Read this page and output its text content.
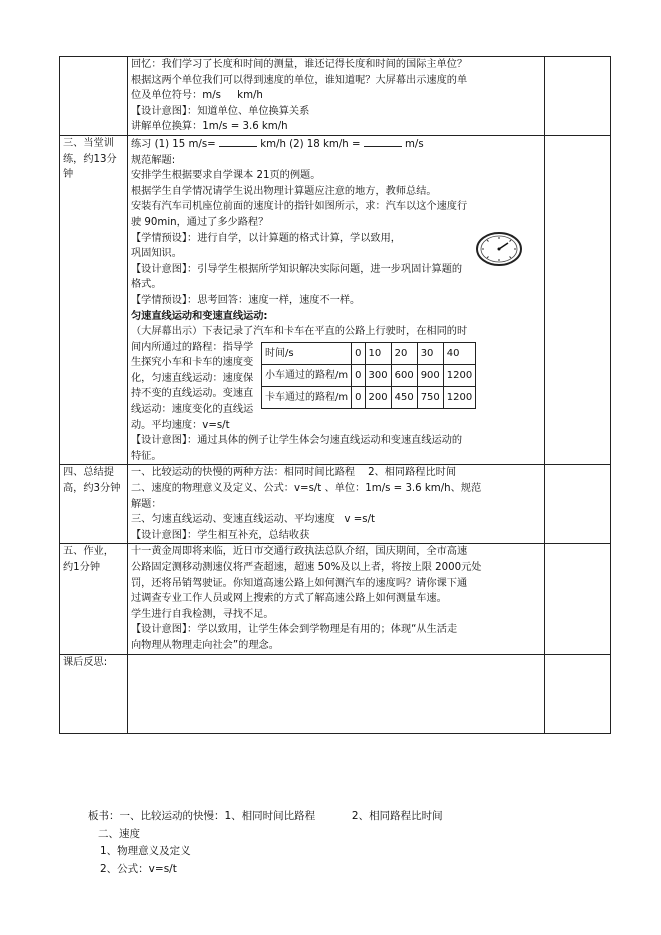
回忆：我们学习了长度和时间的测量，谁还记得长度和时间的国际主单位？
根据这两个单位我们可以得到速度的单位，谁知道呢？大屏幕出示速度的单
位及单位符号：m/s     km/h
【设计意图】：知道单位、单位换算关系
讲解单位换算：1m/s = 3.6 km/h

三、当堂训练，约13分钟	
练习 (1) 15 m/s=	km/h (2) 18 km/h =	m/s
规范解题:
安排学生根据要求自学课本 21页的例题。
根据学生自学情况请学生说出物理计算题应注意的地方，教师总结。
安装有汽车司机座位前面的速度计的指针如图所示，求：汽车以这个速度行
驶 90min，通过了多少路程？
【学情预设】：进行自学，以计算题的格式计算，学以致用，
巩固知识。
【设计意图】：引导学生根据所学知识解决实际问题，进一步巩固计算题的
格式。
【学情预设】：思考回答：速度一样，速度不一样。
匀速直线运动和变速直线运动:
（大屏幕出示）下表记录了汽车和卡车在平直的公路上行驶时，在相同的时
间内所通过的路程：指导学
生探究小车和卡车的速度变
化，匀速直线运动：速度保
持不变的直线运动。变速直
线运动：速度变化的直线运
动。平均速度：v=s/t
时间/s	0	10	20	30	40
小车通过的路程/m	0	300	600	900	1200
卡车通过的路程/m	0	200	450	750	1200
【设计意图】：通过具体的例子让学生体会匀速直线运动和变速直线运动的
特征。

四、总结提高，约3分钟	
一、比较运动的快慢的两种方法：相同时间比路程    2、相同路程比时间
二、速度的物理意义及定义、公式：v=s/t 、单位：1m/s = 3.6 km/h、规范
解题：
三、匀速直线运动、变速直线运动、平均速度   v =s/t
【设计意图】：学生相互补充，总结收获

五、作业，约1分钟	
十一黄金周即将来临，近日市交通行政执法总队介绍，国庆期间，全市高速
公路固定测移动测速仪将严查超速，超速 50%及以上者，将按上限 2000元处
罚，还将吊销驾驶证。你知道高速公路上如何测汽车的速度吗？请你课下通
过调查专业工作人员或网上搜索的方式了解高速公路上如何测量车速。
学生进行自我检测，寻找不足。
【设计意图】：学以致用，让学生体会到学物理是有用的；体现“从生活走
向物理从物理走向社会”的理念。

课后反思:		
板书：一、比较运动的快慢：1、相同时间比路程           2、相同路程比时间
二、速度
1、物理意义及定义
2、公式：v=s/t
